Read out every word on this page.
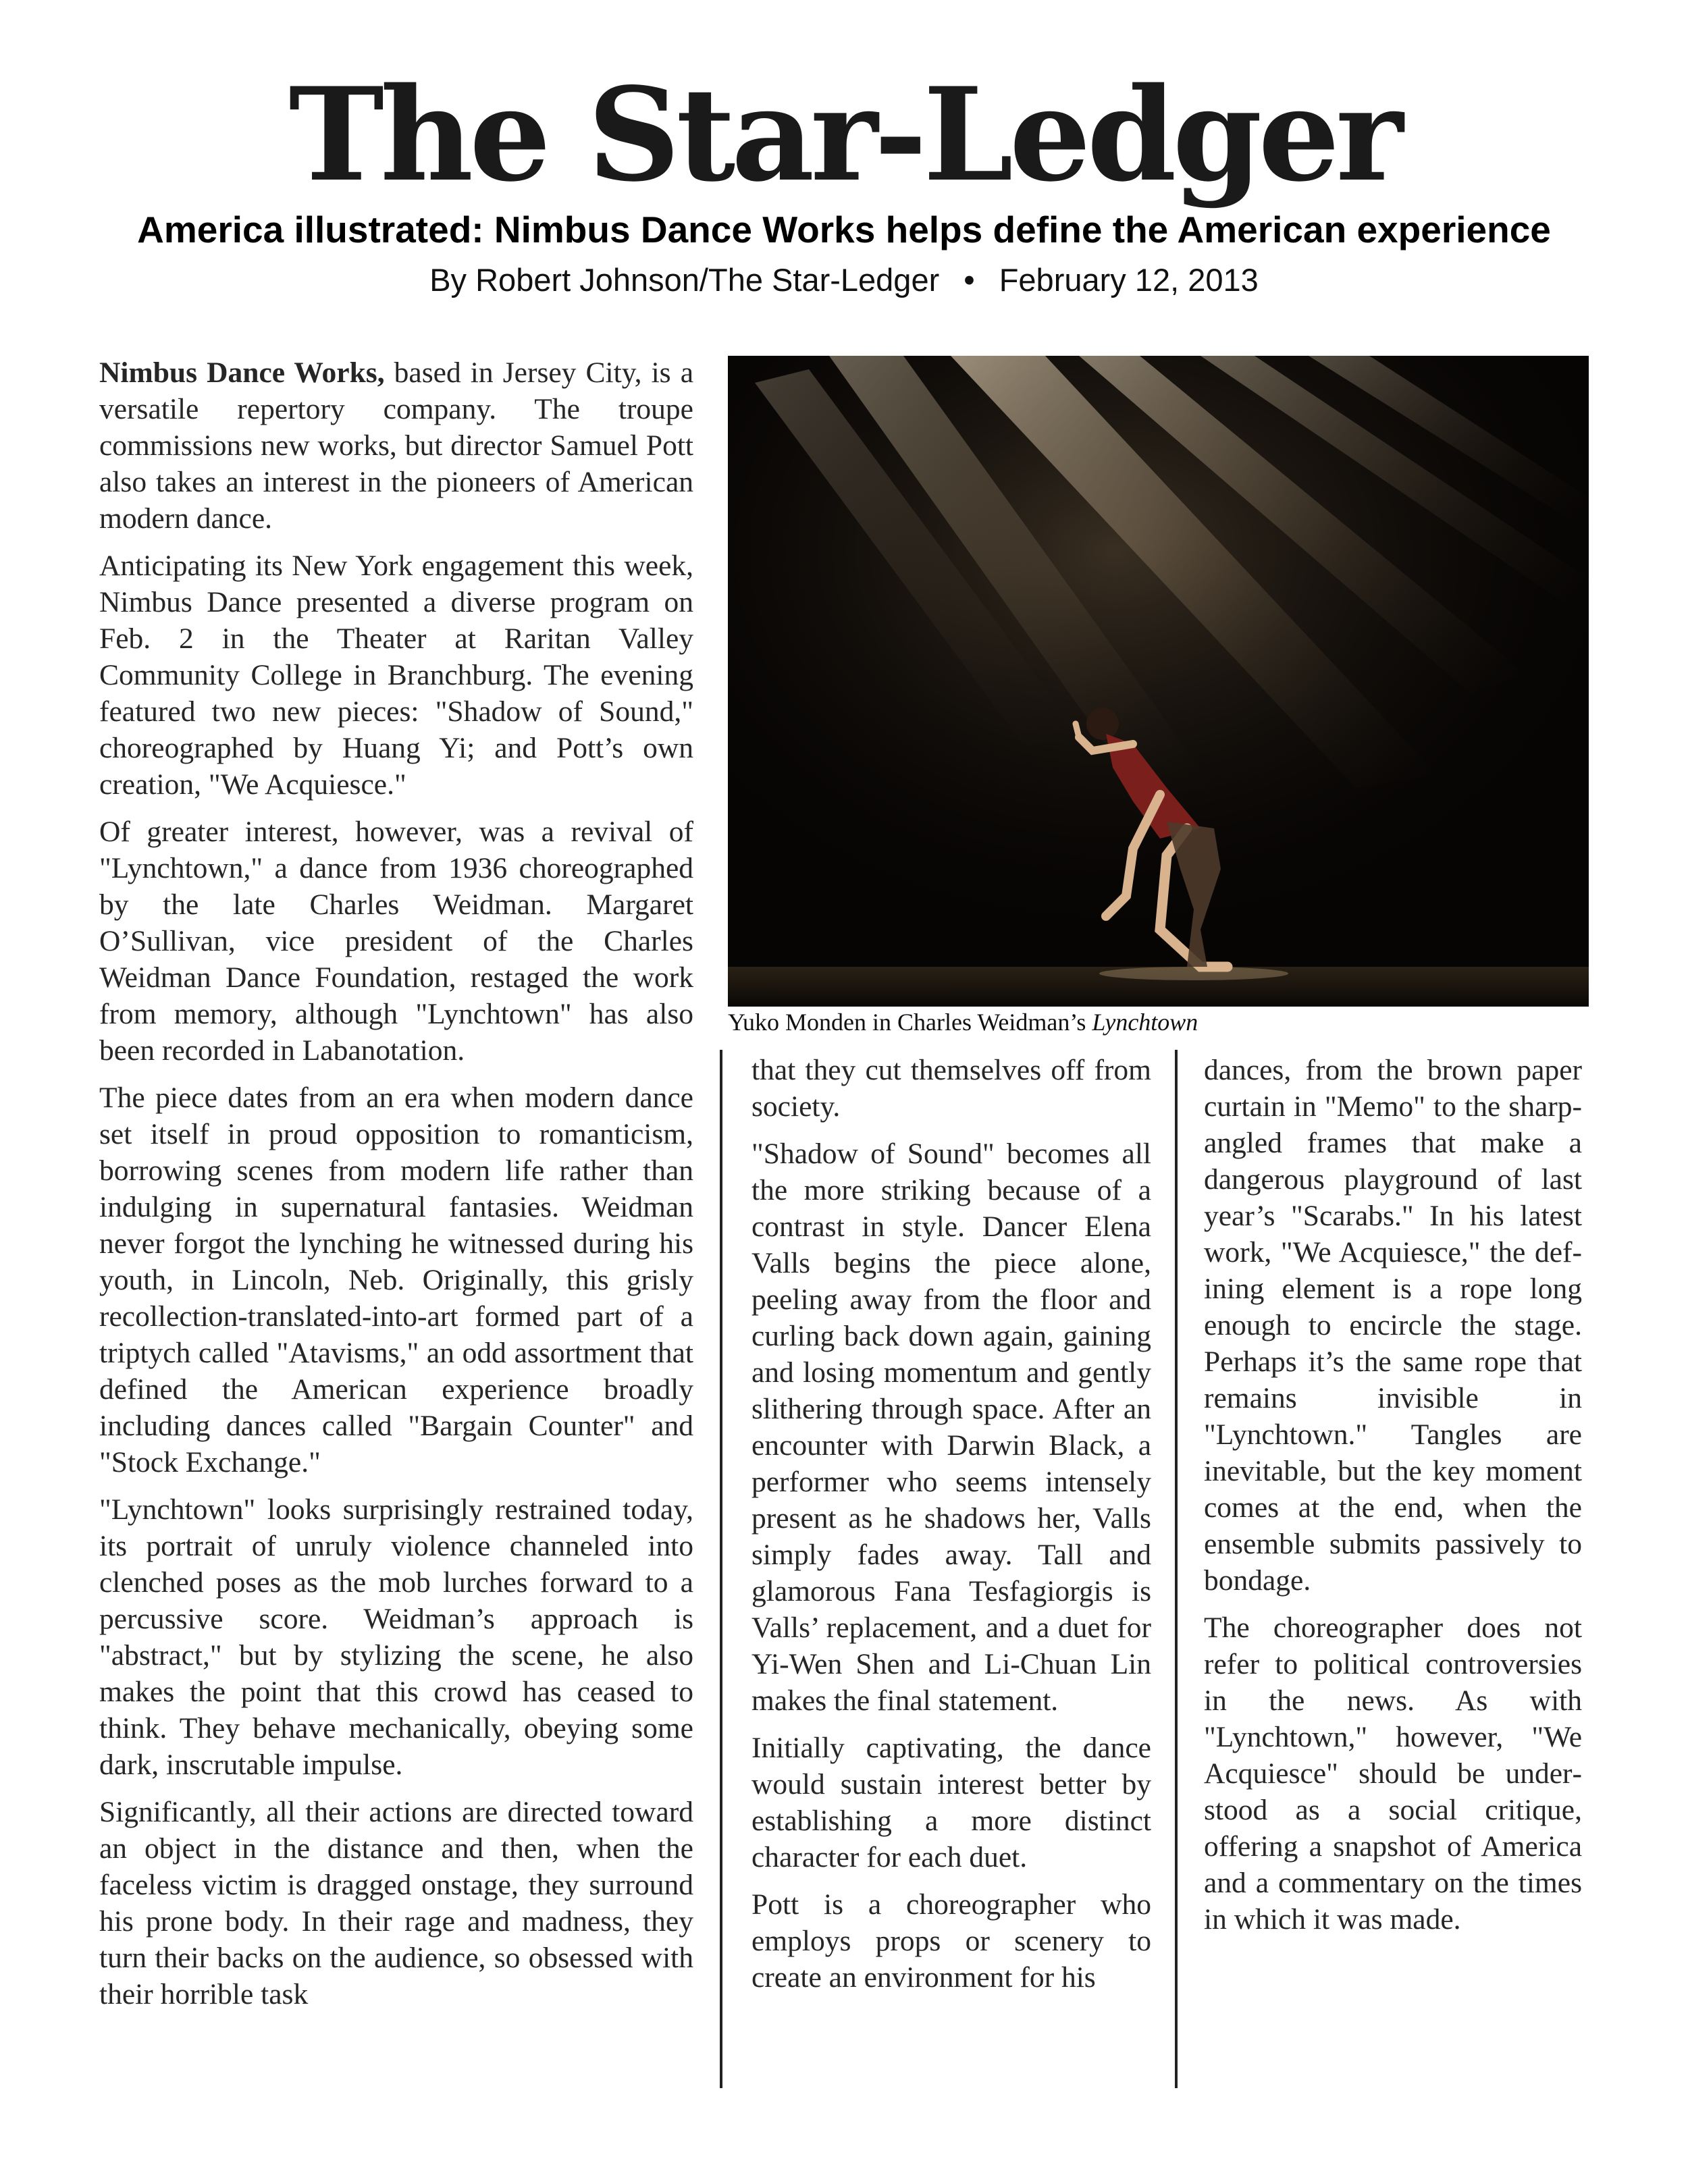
The Star-Ledger
America illustrated: Nimbus Dance Works helps define the American experience
By Robert Johnson/The Star-Ledger • February 12, 2013

Nimbus Dance Works, based in Jersey City, is a versatile repertory company. The troupe commissions new works, but director Samuel Pott also takes an interest in the pioneers of American modern dance.

Anticipating its New York engagement this week, Nimbus Dance presented a diverse program on Feb. 2 in the Theater at Raritan Valley Community College in Branchburg. The evening featured two new pieces: "Shadow of Sound," choreographed by Huang Yi; and Pott’s own creation, "We Acquiesce."

Of greater interest, however, was a revival of "Lynchtown," a dance from 1936 choreographed by the late Charles Weidman. Margaret O’Sullivan, vice president of the Charles Weidman Dance Foundation, restaged the work from memory, although "Lynchtown" has also been recorded in Labanotation.

The piece dates from an era when modern dance set itself in proud opposition to romanticism, borrowing scenes from modern life rather than indulging in supernatural fantasies. Weidman never forgot the lynching he witnessed during his youth, in Lincoln, Neb. Originally, this grisly recollection-translated-into-art formed part of a triptych called "Atavisms," an odd assortment that defined the American experience broadly including dances called "Bargain Counter" and "Stock Exchange."

"Lynchtown" looks surprisingly restrained today, its portrait of unruly violence channeled into clenched poses as the mob lurches forward to a percussive score. Weidman’s approach is "abstract," but by stylizing the scene, he also makes the point that this crowd has ceased to think. They behave mechanically, obeying some dark, inscrutable impulse.

Significantly, all their actions are directed toward an object in the distance and then, when the faceless victim is dragged onstage, they surround his prone body. In their rage and madness, they turn their backs on the audience, so obsessed with their horrible task

Yuko Monden in Charles Weidman’s Lynchtown

that they cut themselves off from society.

"Shadow of Sound" becomes all the more striking because of a contrast in style. Dancer Elena Valls begins the piece alone, peeling away from the floor and curling back down again, gaining and losing momentum and gently slithering through space. After an encounter with Darwin Black, a performer who seems intensely present as he shadows her, Valls simply fades away. Tall and glamorous Fana Tesfagiorgis is Valls’ replacement, and a duet for Yi-Wen Shen and Li-Chuan Lin makes the final statement.

Initially captivating, the dance would sustain interest better by establishing a more distinct character for each duet.

Pott is a choreographer who employs props or scenery to create an environment for his

dances, from the brown paper curtain in "Memo" to the sharp-angled frames that make a dangerous playground of last year’s "Scarabs." In his latest work, "We Acquiesce," the defining element is a rope long enough to encircle the stage. Perhaps it’s the same rope that remains invisible in "Lynchtown." Tangles are inevitable, but the key moment comes at the end, when the ensemble submits passively to bondage.

The choreographer does not refer to political controversies in the news. As with "Lynchtown," however, "We Acquiesce" should be understood as a social critique, offering a snapshot of America and a commentary on the times in which it was made.
